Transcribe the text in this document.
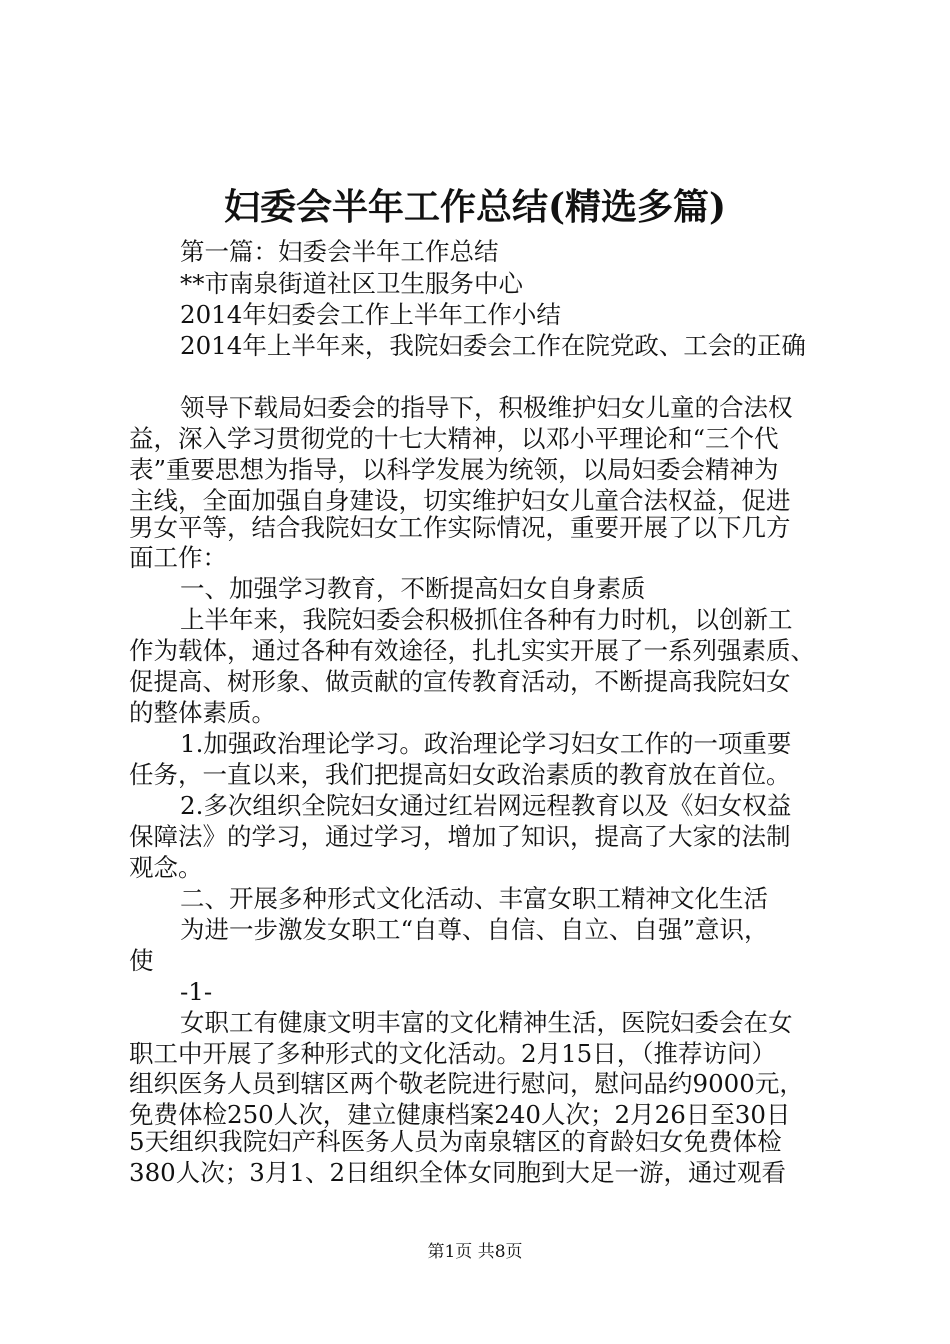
妇委会半年工作总结(精选多篇)
第一篇：妇委会半年工作总结
**市南泉街道社区卫生服务中心
2014年妇委会工作上半年工作小结
2014年上半年来，我院妇委会工作在院党政、工会的正确
领导下载局妇委会的指导下，积极维护妇女儿童的合法权
益，深入学习贯彻党的十七大精神，以邓小平理论和“三个代
表”重要思想为指导，以科学发展为统领，以局妇委会精神为
主线，全面加强自身建设，切实维护妇女儿童合法权益，促进
男女平等，结合我院妇女工作实际情况，重要开展了以下几方
面工作：
一、加强学习教育，不断提高妇女自身素质
上半年来，我院妇委会积极抓住各种有力时机，以创新工
作为载体，通过各种有效途径，扎扎实实开展了一系列强素质、
促提高、树形象、做贡献的宣传教育活动，不断提高我院妇女
的整体素质。
1.加强政治理论学习。政治理论学习妇女工作的一项重要
任务，一直以来，我们把提高妇女政治素质的教育放在首位。
2.多次组织全院妇女通过红岩网远程教育以及《妇女权益
保障法》的学习，通过学习，增加了知识，提高了大家的法制
观念。
二、开展多种形式文化活动、丰富女职工精神文化生活
为进一步激发女职工“自尊、自信、自立、自强”意识，
使
-1-
女职工有健康文明丰富的文化精神生活，医院妇委会在女
职工中开展了多种形式的文化活动。2月15日，（推荐访问）
组织医务人员到辖区两个敬老院进行慰问，慰问品约9000元，
免费体检250人次，建立健康档案240人次；2月26日至30日
5天组织我院妇产科医务人员为南泉辖区的育龄妇女免费体检
380人次；3月1、2日组织全体女同胞到大足一游，通过观看
第1页 共8页
